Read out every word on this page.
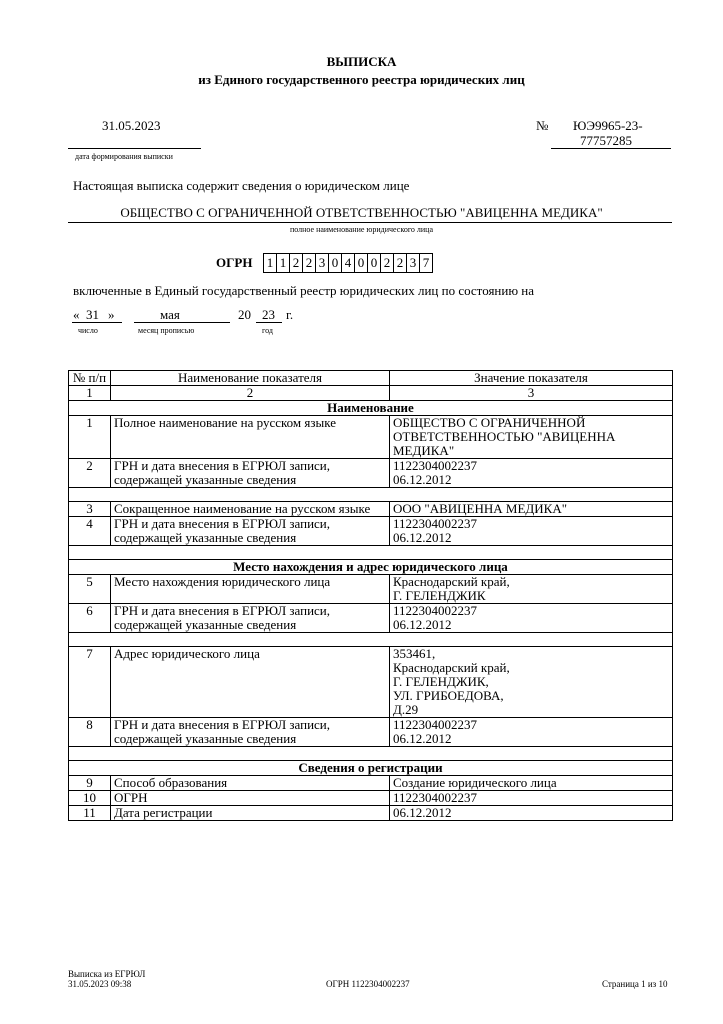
ВЫПИСКА
из Единого государственного реестра юридических лиц
31.05.2023
дата формирования выписки
№ ЮЭ9965-23-
77757285
Настоящая выписка содержит сведения о юридическом лице
ОБЩЕСТВО С ОГРАНИЧЕННОЙ ОТВЕТСТВЕННОСТЬЮ "АВИЦЕННА МЕДИКА"
полное наименование юридического лица
ОГРН 1 1 2 2 3 0 4 0 0 2 2 3 7
включенные в Единый государственный реестр юридических лиц по состоянию на
« 31 »	мая	20 23 г.
число	месяц прописью	год
№ п/п	Наименование показателя	Значение показателя
1	2	3
Наименование		
1	Полное наименование на русском языке	ОБЩЕСТВО С ОГРАНИЧЕННОЙ ОТВЕТСТВЕННОСТЬЮ "АВИЦЕННА МЕДИКА"
2	ГРН и дата внесения в ЕГРЮЛ записи, содержащей указанные сведения	1122304002237
06.12.2012

3	Сокращенное наименование на русском языке	ООО "АВИЦЕННА МЕДИКА"
4	ГРН и дата внесения в ЕГРЮЛ записи, содержащей указанные сведения	1122304002237
06.12.2012

Место нахождения и адрес юридического лица		
5	Место нахождения юридического лица	Краснодарский край,
Г. ГЕЛЕНДЖИК
6	ГРН и дата внесения в ЕГРЮЛ записи, содержащей указанные сведения	1122304002237
06.12.2012

7	Адрес юридического лица	353461,
Краснодарский край,
Г. ГЕЛЕНДЖИК,
УЛ. ГРИБОЕДОВА,
Д.29
8	ГРН и дата внесения в ЕГРЮЛ записи, содержащей указанные сведения	1122304002237
06.12.2012

Сведения о регистрации		
9	Способ образования	Создание юридического лица
10	ОГРН	1122304002237
11	Дата регистрации	06.12.2012
Выписка из ЕГРЮЛ
31.05.2023 09:38	ОГРН 1122304002237	Страница 1 из 10
